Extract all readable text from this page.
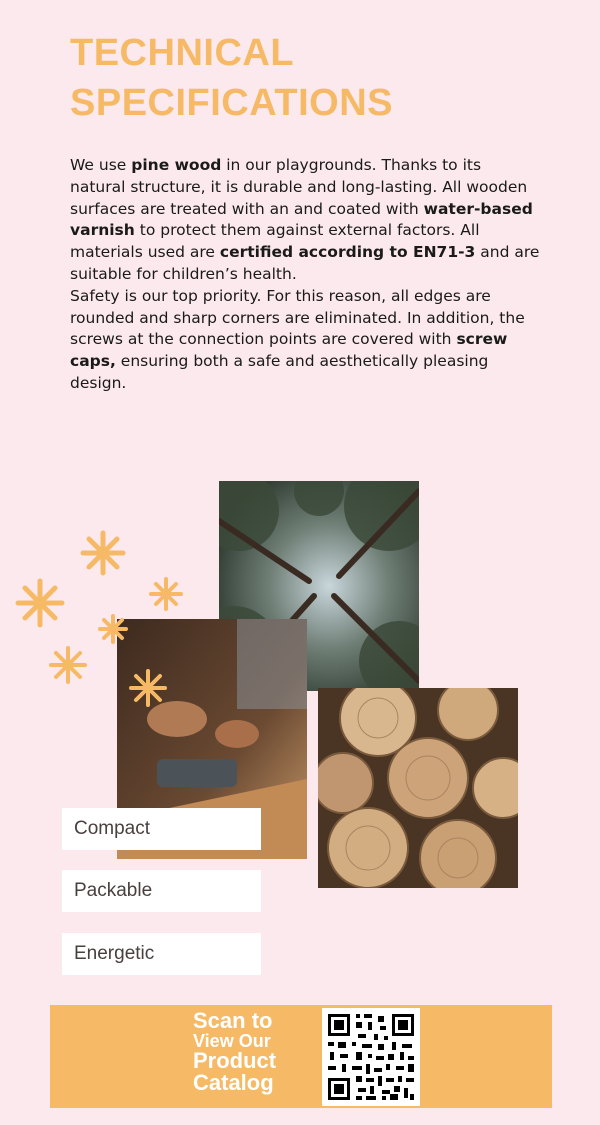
TECHNICAL
SPECIFICATIONS

We use pine wood in our playgrounds. Thanks to its natural structure, it is durable and long-lasting. All wooden surfaces are treated with an and coated with water-based varnish to protect them against external factors. All materials used are certified according to EN71-3 and are suitable for children’s health.

Safety is our top priority. For this reason, all edges are rounded and sharp corners are eliminated. In addition, the screws at the connection points are covered with screw caps, ensuring both a safe and aesthetically pleasing design.

Compact
Packable
Energetic
Scan to
View Our
Product
Catalog
